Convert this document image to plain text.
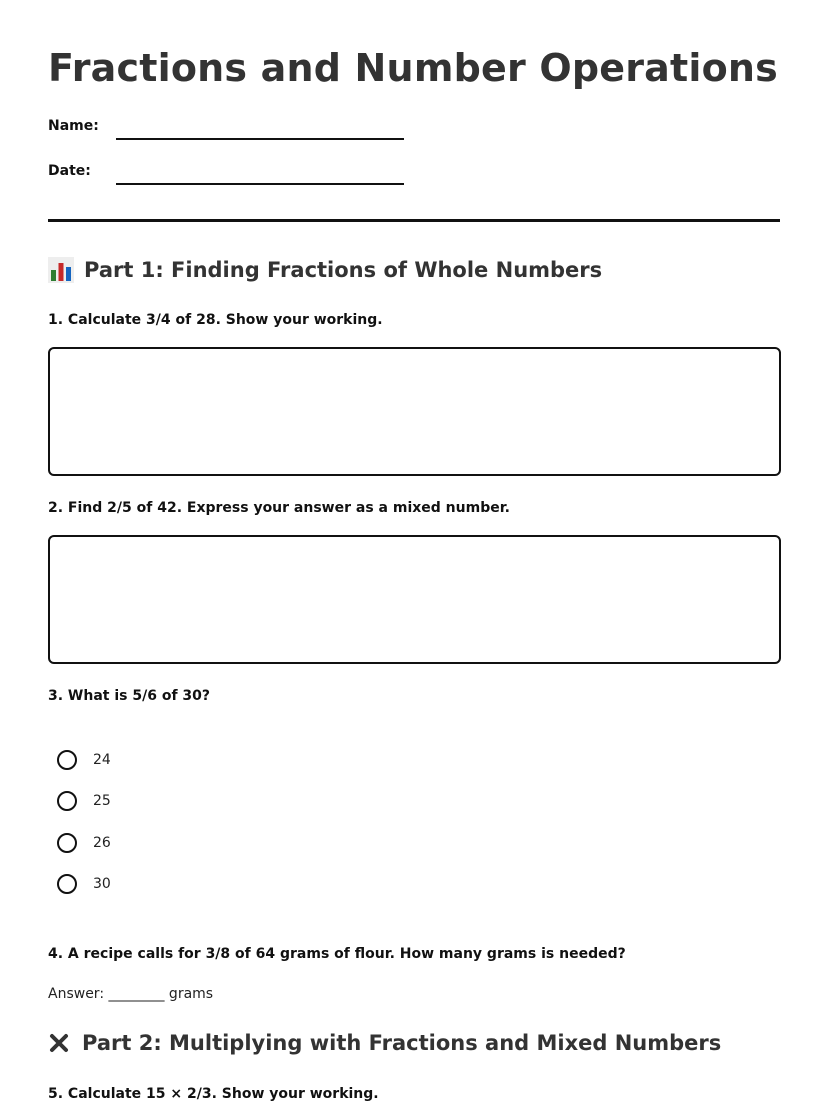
Fractions and Number Operations
Name:
Date:
Part 1: Finding Fractions of Whole Numbers
1. Calculate 3/4 of 28. Show your working.
2. Find 2/5 of 42. Express your answer as a mixed number.
3. What is 5/6 of 30?
24
25
26
30
4. A recipe calls for 3/8 of 64 grams of flour. How many grams is needed?
Answer: ________ grams
Part 2: Multiplying with Fractions and Mixed Numbers
5. Calculate 15 × 2/3. Show your working.
